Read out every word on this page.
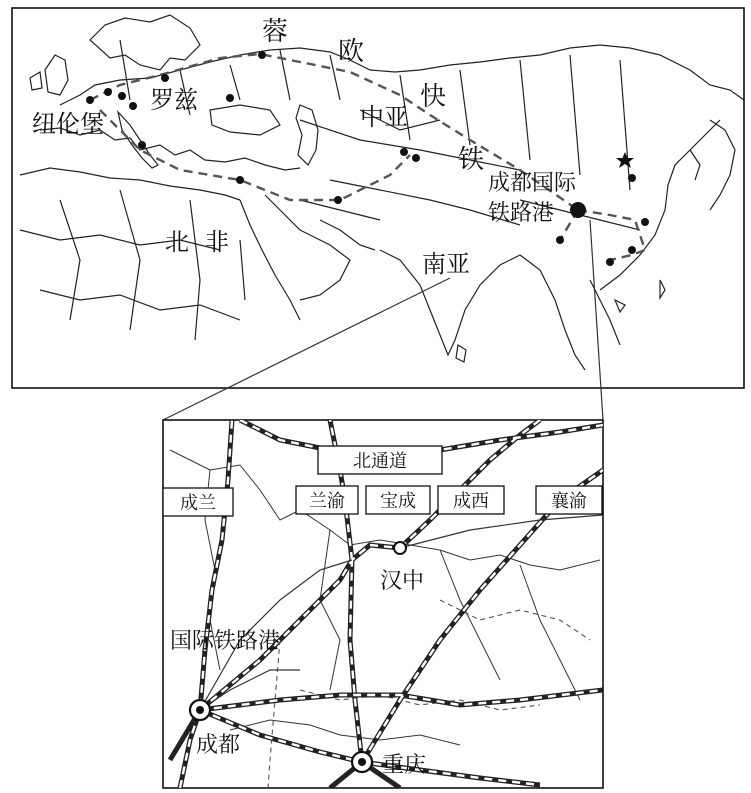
蓉
欧
快
铁
中亚
罗兹
纽伦堡
北 非
南亚
成都国际
铁路港
北通道
成兰	兰渝 宝成 成西	襄渝
汉中
国际铁路港
成都
重庆
